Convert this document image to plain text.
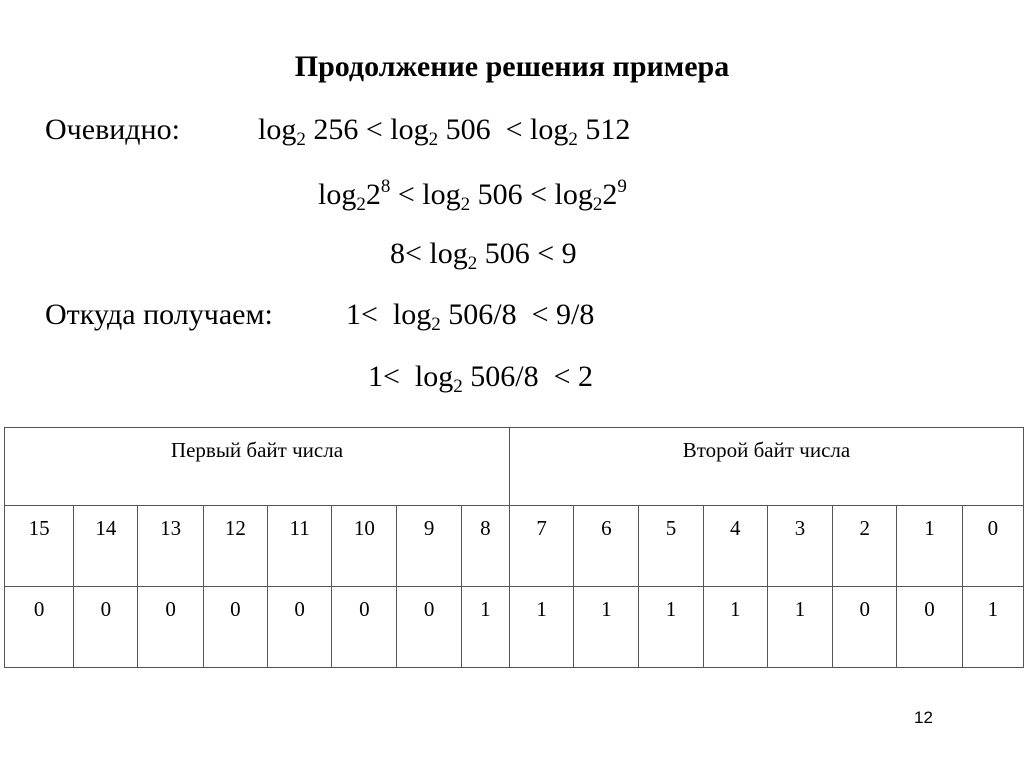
Продолжение решения примера
Очевидно:	$\log_2 256 < \log_2 506 < \log_2 512$
$\log_22^8 < \log_2 506 < \log_22^9$
$8< \log_2 506 < 9$
Откуда получаем: $1< \log_2 506/8 < 9/8$
$1< \log_2 506/8 < 2$
Первый байт числа								Второй байт числа							
15	14	13	12	11	10	9	8	7	6	5	4	3	2	1	0
0	0	0	0	0	0	0	1	1	1	1	1	1	0	0	1
12
